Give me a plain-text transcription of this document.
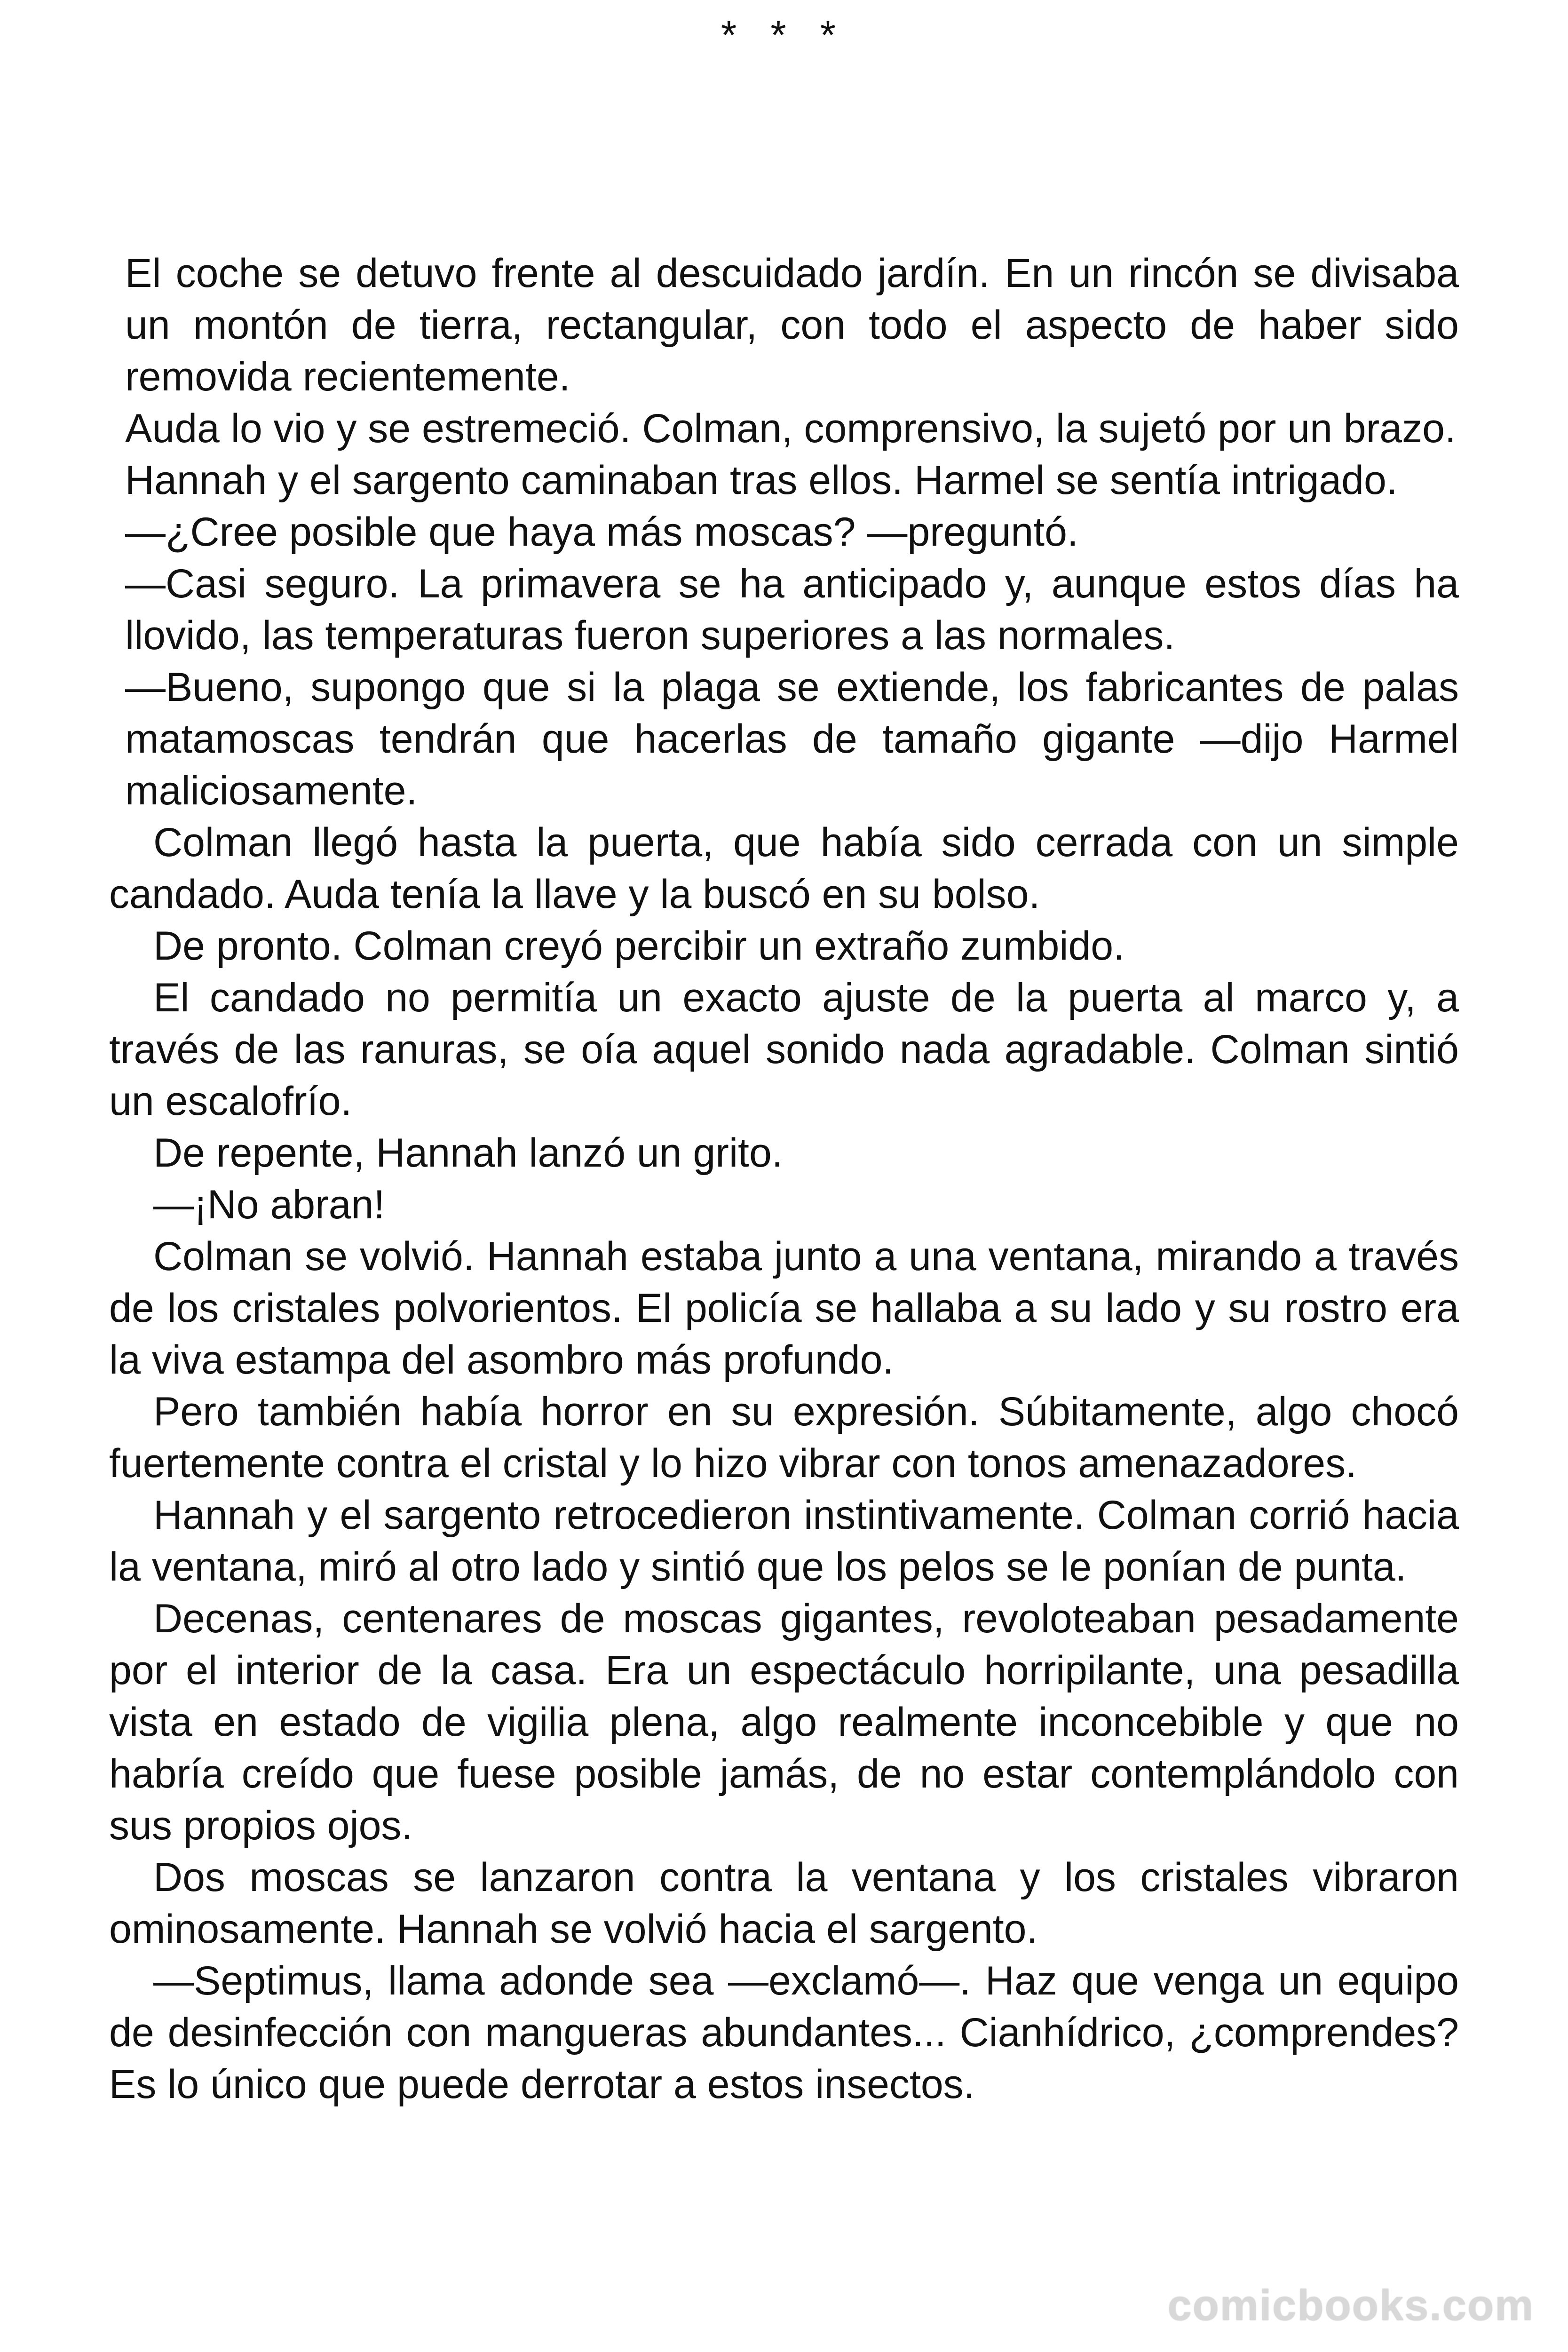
* * *

El coche se detuvo frente al descuidado jardín. En un rincón se divisaba un montón de tierra, rectangular, con todo el aspecto de haber sido removida recientemente.

Auda lo vio y se estremeció. Colman, comprensivo, la sujetó por un brazo.

Hannah y el sargento caminaban tras ellos. Harmel se sentía intrigado.

—¿Cree posible que haya más moscas? —preguntó.

—Casi seguro. La primavera se ha anticipado y, aunque estos días ha llovido, las temperaturas fueron superiores a las normales.

—Bueno, supongo que si la plaga se extiende, los fabricantes de palas matamoscas tendrán que hacerlas de tamaño gigante —dijo Harmel maliciosamente.

Colman llegó hasta la puerta, que había sido cerrada con un simple candado. Auda tenía la llave y la buscó en su bolso.

De pronto. Colman creyó percibir un extraño zumbido.

El candado no permitía un exacto ajuste de la puerta al marco y, a través de las ranuras, se oía aquel sonido nada agradable. Colman sintió un escalofrío.

De repente, Hannah lanzó un grito.

—¡No abran!

Colman se volvió. Hannah estaba junto a una ventana, mirando a través de los cristales polvorientos. El policía se hallaba a su lado y su rostro era la viva estampa del asombro más profundo.

Pero también había horror en su expresión. Súbitamente, algo chocó fuertemente contra el cristal y lo hizo vibrar con tonos amenazadores.

Hannah y el sargento retrocedieron instintivamente. Colman corrió hacia la ventana, miró al otro lado y sintió que los pelos se le ponían de punta.

Decenas, centenares de moscas gigantes, revoloteaban pesadamente por el interior de la casa. Era un espectáculo horripilante, una pesadilla vista en estado de vigilia plena, algo realmente inconcebible y que no habría creído que fuese posible jamás, de no estar contemplándolo con sus propios ojos.

Dos moscas se lanzaron contra la ventana y los cristales vibraron ominosamente. Hannah se volvió hacia el sargento.

—Septimus, llama adonde sea —exclamó—. Haz que venga un equipo de desinfección con mangueras abundantes... Cianhídrico, ¿comprendes? Es lo único que puede derrotar a estos insectos.

comicbooks.com
